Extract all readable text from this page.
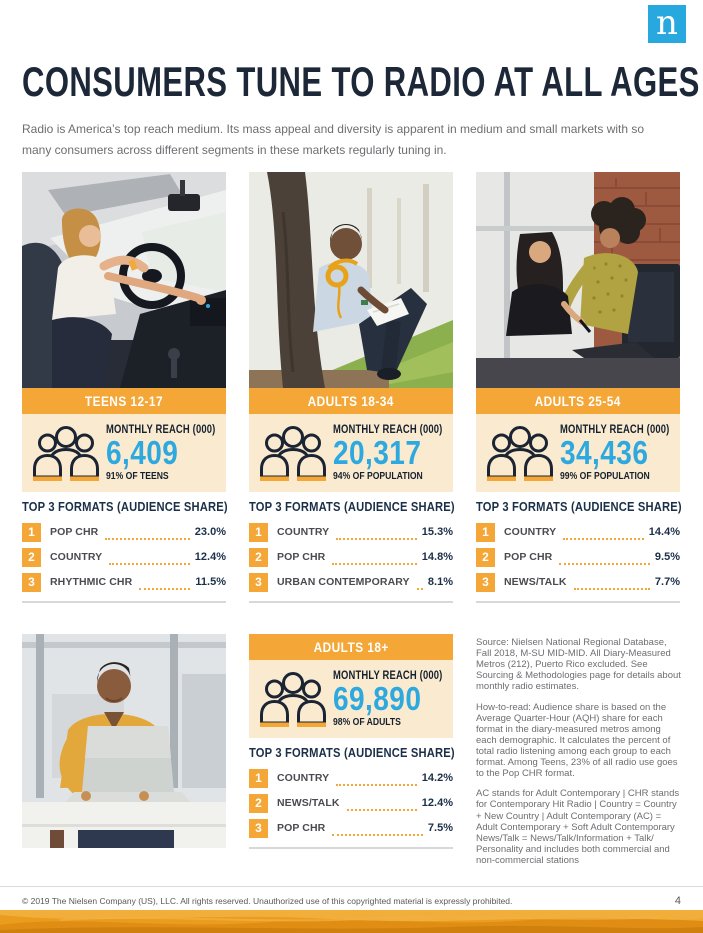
n
CONSUMERS TUNE TO RADIO AT ALL AGES

Radio is America’s top reach medium. Its mass appeal and diversity is apparent in medium and small markets with so many consumers across different segments in these markets regularly tuning in.

TEENS 12-17
MONTHLY REACH (000)
6,409
91% OF TEENS
TOP 3 FORMATS (AUDIENCE SHARE)
1	POP CHR	23.0%
2	COUNTRY	12.4%
3	RHYTHMIC CHR	11.5%
ADULTS 18-34
MONTHLY REACH (000)
20,317
94% OF POPULATION
TOP 3 FORMATS (AUDIENCE SHARE)
1	COUNTRY	15.3%
2	POP CHR	14.8%
3	URBAN CONTEMPORARY 8.1%
ADULTS 25-54
MONTHLY REACH (000)
34,436
99% OF POPULATION
TOP 3 FORMATS (AUDIENCE SHARE)
1	COUNTRY	14.4%
2	POP CHR	9.5%
3	NEWS/TALK	7.7%
ADULTS 18+
MONTHLY REACH (000)
69,890
98% OF ADULTS
TOP 3 FORMATS (AUDIENCE SHARE)
1	COUNTRY	14.2%
2	NEWS/TALK	12.4%
3	POP CHR	7.5%

Source: Nielsen National Regional Database, Fall 2018, M-SU MID-MID. All Diary-Measured Metros (212), Puerto Rico excluded. See Sourcing & Methodologies page for details about monthly radio estimates.

How-to-read: Audience share is based on the Average Quarter-Hour (AQH) share for each format in the diary-measured metros among each demographic. It calculates the percent of total radio listening among each group to each format. Among Teens, 23% of all radio use goes to the Pop CHR format.

AC stands for Adult Contemporary | CHR stands for Contemporary Hit Radio | Country = Country + New Country | Adult Contemporary (AC) = Adult Contemporary + Soft Adult Contemporary News/Talk = News/Talk/Information + Talk/ Personality and includes both commercial and non-commercial stations

© 2019 The Nielsen Company (US), LLC. All rights reserved. Unauthorized use of this copyrighted material is expressly prohibited.	4
